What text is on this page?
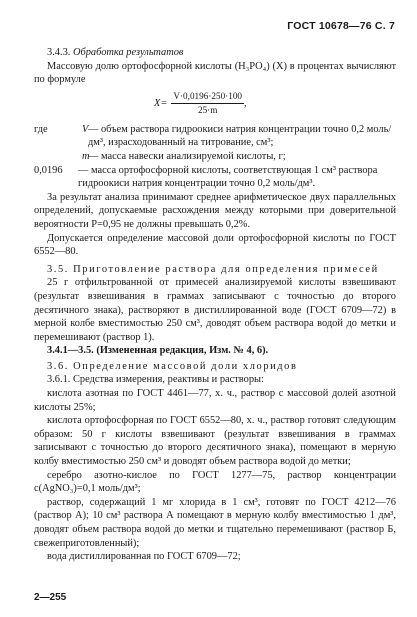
ГОСТ 10678—76 С. 7

3.4.3. Обработка результатов

Массовую долю ортофосфорной кислоты (H₃PO₄) (X) в процентах вычисляют по формуле

$X= \frac{V\cdot 0,0196\cdot 250\cdot 100}{25\cdot m}$ ,
где	V — объем раствора гидроокиси натрия концентрации точно 0,2 моль/дм³, израсходованный на титрование, см³;
m
— масса навески анализируемой кислоты, г;
0,0196	— масса ортофосфорной кислоты, соответствующая 1 см³ раствора гидроокиси натрия концентрации точно 0,2 моль/дм³.

За результат анализа принимают среднее арифметическое двух параллельных определений, допускаемые расхождения между которыми при доверительной вероятности P=0,95 не должны превышать 0,2%.

Допускается определение массовой доли ортофосфорной кислоты по ГОСТ 6552—80.

3.5. Приготовление раствора для определения примесей

25 г отфильтрованной от примесей анализируемой кислоты взвешивают (результат взвешивания в граммах записывают с точностью до второго десятичного знака), растворяют в дистиллированной воде (ГОСТ 6709—72) в мерной колбе вместимостью 250 см³, доводят объем раствора водой до метки и перемешивают (раствор 1).

3.4.1—3.5. (Измененная редакция, Изм. № 4, 6).

3.6. Определение массовой доли хлоридов

3.6.1. Средства измерения, реактивы и растворы:

кислота азотная по ГОСТ 4461—77, х. ч., раствор с массовой долей азотной кислоты 25%;

кислота ортофосфорная по ГОСТ 6552—80, х. ч., раствор готовят следующим образом: 50 г кислоты взвешивают (результат взвешивания в граммах записывают с точностью до второго десятичного знака), помещают в мерную колбу вместимостью 250 см³ и доводят объем раствора водой до метки;

серебро азотно-кислое по ГОСТ 1277—75, раствор концентрации c(AgNO₃)=0,1 моль/дм³;

раствор, содержащий 1 мг хлорида в 1 см³, готовят по ГОСТ 4212—76 (раствор А); 10 см³ раствора А помещают в мерную колбу вместимостью 1 дм³, доводят объем раствора водой до метки и тщательно перемешивают (раствор Б, свежеприготовленный);

вода дистиллированная по ГОСТ 6709—72;

2—255
